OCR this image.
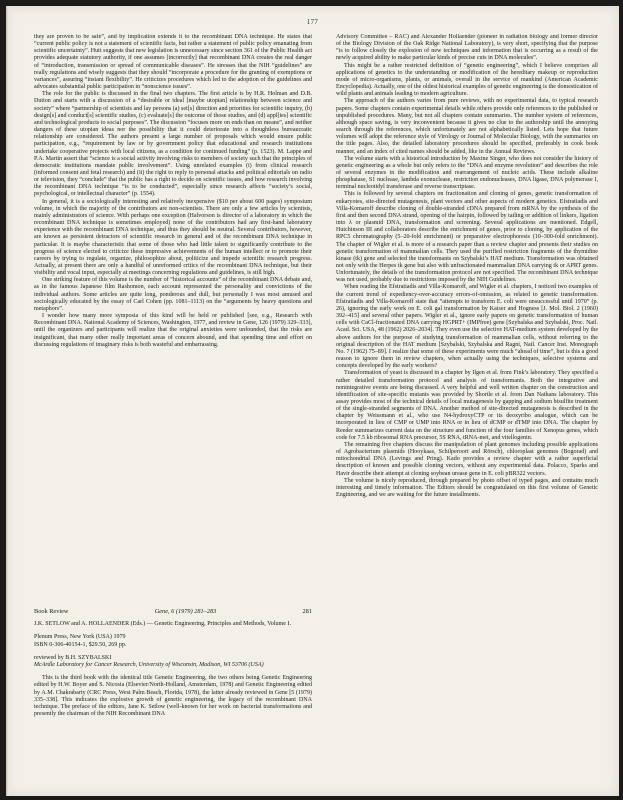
177

they are proven to be safe”, and by implication extends it to the recombinant DNA technique. He states that “current public policy is not a statement of scientific facts, but rather a statement of public policy emanating from scientific uncertainty”. Hutt suggests that new legislation is unnecessary since section 361 of the Public Health act provides adequate statutory authority, if one assumes [incorrectly] that recombinant DNA creates the real danger of “introduction, transmission or spread of communicable diseases”. He stresses that the NIH “guidelines” are really regulations and wisely suggests that they should “incorporate a procedure for the granting of exemptions or variances”, assuring “instant flexibility”. He criticizes procedures which led to the adoption of the guidelines and advocates substantial public participation in “nonscience issues”.

The role for the public is discussed in the final two chapters. The first article is by H.R. Holman and D.B. Dutton and starts with a discussion of a “desirable or ideal [maybe utopian] relationship between science and society” where “partnership of scientists and lay persons (a) set[s] direction and priorities for scientific inquiry, (b) design[s] and conduct[s] scientific studies, (c) evaluate[s] the outcome of those studies, and (d) appl[ies] scientific and technological products to social purposes”. The discussion “focuses more on ends than on means”, and neither dangers of these utopian ideas nor the possibility that it could deteriorate into a thoughtless bureaucratic relationship are considered. The authors present a large number of proposals which would ensure public participation, e.g., “requirement by law or by government policy that educational and research institutions undertake cooperative projects with local citizens, as a condition for continued funding” (p. 1523). M. Lappe and P.A. Martin assert that “science is a social activity involving risks to members of society such that the principles of democratic institutions mandate public involvement”. Using unrelated examples (i) from clinical research (informed consent and fetal research) and (ii) the right to reply to personal attacks and political editorials on radio or television, they “conclude” that the public has a right to decide on scientific issues, and how research involving the recombinant DNA technique “is to be conducted”, especially since research affects “society’s social, psychological, or intellectual character” (p. 1554).

In general, it is a sociologically interesting and relatively inexpensive ($10 per about 600 pages) symposium volume, in which the majority of the contributors are non-scientists. There are only a few articles by scientists, mainly administrators of science. With perhaps one exception (Halvorson is director of a laboratory in which the recombinant DNA technique is sometimes employed) none of the contributors had any first-hand laboratory experience with the recombinant DNA technique, and thus they should be neutral. Several contributors, however, are known as persistent detractors of scientific research in general and of the recombinant DNA technique in particular. It is maybe characteristic that some of those who had little talent to significantly contribute to the progress of science elected to criticize these impressive achievements of the human intellect or to promote their careers by trying to regulate, organize, philosophize about, politicize and impede scientific research progress. Actually, at present there are only a handful of unreformed critics of the recombinant DNA technique, but their visibility and vocal input, especially at meetings concerning regulations and guidelines, is still high.

One striking feature of this volume is the number of “historical accounts” of the recombinant DNA debate and, as in the famous Japanese film Rashomon, each account represented the personality and convictions of the individual authors. Some articles are quite long, ponderous and dull, but personally I was most amused and sociologically educated by the essay of Carl Cohen (pp. 1081–1113) on the “arguments by heavy questions and metaphors”.

I wonder how many more symposia of this kind will be held or published [see, e.g., Research with Recombinant DNA. National Academy of Sciences, Washington, 1977, and review in Gene, 126 (1979) 329–333], until the organizers and participants will realize that the original anxieties were unfounded, that the risks are insignificant, that many other really important areas of concern abound, and that spending time and effort on discussing regulations of imaginary risks is both wasteful and embarrassing.

Book Review	Gene, 6 (1979) 281–283	281
J.K. SETLOW and A. HOLLAENDER (Eds.) — Genetic Engineering, Principles and Methods, Volume I.
Plenum Press, New York (USA) 1979
ISBN 0-306-40154-1, $29.50, 269 pp.
reviewed by B.H. SZYBALSKI
McArdle Laboratory for Cancer Research, University of Wisconsin, Madison, WI 53706 (USA)

This is the third book with the identical title Genetic Engineering, the two others being Genetic Engineering edited by H.W. Boyer and S. Nicosia (Elsevier/North-Holland, Amsterdam, 1978) and Genetic Engineering edited by A.M. Chakrabarty (CRC Press, West Palm Beach, Florida, 1978), the latter already reviewed in Gene [5 (1979) 335–338]. This indicates the explosive growth of genetic engineering, the legacy of the recombinant DNA technique. The preface of the editors, Jane K. Setlow (well-known for her work on bacterial transformations and presently the chairman of the NIH Recombinant DNA

Advisory Committee – RAC) and Alexander Hollaender (pioneer in radiation biology and former director of the Biology Division of the Oak Ridge National Laboratory), is very short, specifying that the purpose “is to follow closely the explosion of new techniques and information that is occurring as a result of the newly acquired ability to make particular kinds of precise cuts in DNA molecules”.

This might be a rather restricted definition of “genetic engineering”, which I believe comprises all applications of genetics to the understanding or modification of the hereditary makeup or reproduction mode of micro-organisms, plants, or animals, overall in the service of mankind (American Academic Encyclopedia). Actually, one of the oldest historical examples of genetic engineering is the domestication of wild plants and animals leading to modern agriculture.

The approach of the authors varies from pure reviews, with no experimental data, to typical research papers. Some chapters contain experimental details while others provide only references to the published or unpublished procedures. Many, but not all chapters contain summaries. The number system of references, although space saving, is very inconvenient because it gives no clue to the authorship until the annoying search through the references, which unfortunately are not alphabetically listed. Lets hope that future volumes will adopt the reference style of Virology or Journal of Molecular Biology, with the summaries on the title pages. Also, the detailed laboratory procedures should be specified, preferably in cook book manner, and an index of cited names should be added, like in the Annual Reviews.

The volume starts with a historical introduction by Maxine Singer, who does not consider the history of genetic engineering as a whole but only refers to the “DNA and enzyme revolution” and describes the role of several enzymes in the modification and rearrangement of nucleic acids. These include alkaline phosphatase, S1 nuclease, lambda exonuclease, restriction endonucleases, DNA ligase, DNA polymerase I, terminal nucleotidyl transferase and reverse transcriptase.

This is followed by several chapters on fractionation and cloning of genes, genetic transformation of eukaryotes, site-directed mutagenesis, plant vectors and other aspects of modern genetics. Efstratiadis and Villa-Komaroff describe cloning of double-stranded cDNA prepared from mRNA by the synthesis of the first and then second DNA strand, opening of the hairpin, followed by tailing or addition of linkers, ligation into λ or plasmid DNA, transformation and screening. Several applications are mentioned. Edgell, Hutchinson III and collaborators describe the enrichment of genes, prior to cloning, by application of the RPC5 chromatography (5–20-fold enrichment) or preparative electrophoresis (10–300-fold enrichment). The chapter of Wigler et al. is more of a research paper than a review chapter and presents their studies on genetic transformation of mammalian cells. They used the purified restriction fragments of the thymidine kinase (tk) gene and selected the transformants on Szybalski’s HAT medium. Transformation was obtained not only with the Herpes tk gene but also with unfractionated mammalian DNA carrying tk or APRT genes. Unfortunately, the details of the transformation protocol are not specified. The recombinant DNA technique was not used, probably due to restrictions imposed by the NIH Guidelines.

When reading the Efstratiadis and Villa-Komaroff, and Wigler et al. chapters, I noticed two examples of the current trend of expediency-over-accuracy errors-of-omission, as related to genetic transformation. Efstratiadis and Villa-Komaroff state that “attempts to transform E. coli were unsuccessful until 1970” (p. 26), ignoring the early work on E. coli gal transformation by Kaiser and Hogness [J. Mol. Biol. 2 (1960) 392–415] and several other papers. Wigler et al., ignore early papers on genetic transformation of human cells with CaCl-fractionated DNA carrying HGPRT+ (IMPfree) gene [Szybalska and Szybalski, Proc. Natl. Acad. Sci. USA, 48 (1962) 2026–2034]. They even use the selective HAT-medium system developed by the above authors for the purpose of studying transformation of mammalian cells, without referring to the original description of the HAT medium [Szybalski, Szybalska and Ragni, Natl. Cancer Inst. Monograph No. 7 (1962) 75–89]. I realize that some of these experiments were much “ahead of time”, but is this a good reason to ignore them in review chapters, when actually using the techniques, selective systems and concepts developed by the early workers?

Transformation of yeast is discussed in a chapter by Ilgen et al. from Fink’s laboratory. They specified a rather detailed transformation protocol and analysis of transformants. Both the integrative and nonintegrative events are being discussed. A very helpful and well written chapter on the construction and identification of site-specific mutants was provided by Shortle et al. from Dan Nathans laboratory. This assay provides most of the technical details of local mutagenesis by gapping and sodium bisulfite treatment of the single-stranded segments of DNA. Another method of site-directed mutagenesis is described in the chapter by Weissmann et al., who use N4-hydroxyCTP or its deoxyribo analogue, which can be incorporated in lieu of CMP or UMP into RNA or in lieu of dCMP or dTMP into DNA. The chapter by Reeder summarizes current data on the structure and function of the four families of Xenopus genes, which code for 7.5 kb ribosomal RNA precursor, 5S RNA, tRNA-met, and vitellogenin.

The remaining five chapters discuss the manipulation of plant genomes including possible applications of Agrobacterium plasmids (Hooykaas, Schilperoort and Rörsch), chloroplast genomes (Bogorad) and mitochondrial DNA (Levings and Pring). Kado provides a review chapter with a rather superficial description of known and possible cloning vectors, without any experimental data. Polacco, Sparks and Havir describe their attempt at cloning soybean urease gene in E. coli pBR322 vectors.

The volume is nicely reproduced, through prepared by photo offset of typed pages, and contains much interesting and timely information. The Editors should be congratulated on this first volume of Genetic Engineering, and we are waiting for the future installments.
